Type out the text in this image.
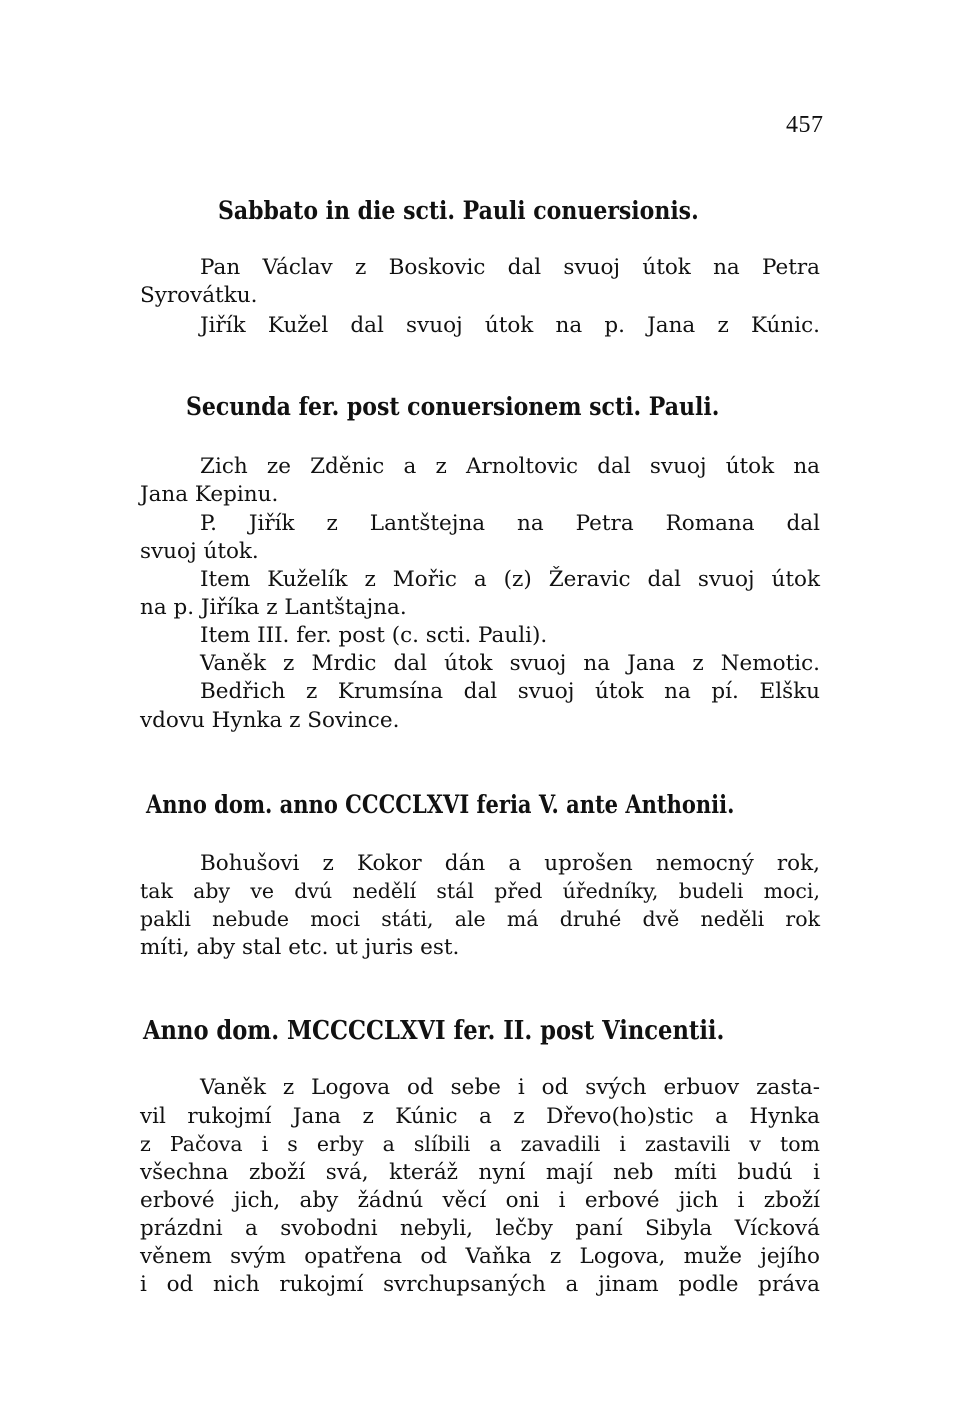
457
Sabbato in die scti. Pauli conuersionis.
Pan Václav z Boskovic dal svuoj útok na Petra
Syrovátku.
Jiřík Kužel dal svuoj útok na p. Jana z Kúnic.
Secunda fer. post conuersionem scti. Pauli.
Zich ze Zděnic a z Arnoltovic dal svuoj útok na
Jana Kepinu.
P. Jiřík z Lantštejna na Petra Romana dal
svuoj útok.
Item Kuželík z Mořic a (z) Žeravic dal svuoj útok
na p. Jiříka z Lantštajna.
Item III. fer. post (c. scti. Pauli).
Vaněk z Mrdic dal útok svuoj na Jana z Nemotic.
Bedřich z Krumsína dal svuoj útok na pí. Elšku
vdovu Hynka z Sovince.
Anno dom. anno CCCCLXVI feria V. ante Anthonii.
Bohušovi z Kokor dán a uprošen nemocný rok,
tak aby ve dvú nedělí stál před úředníky, budeli moci,
pakli nebude moci státi, ale má druhé dvě neděli rok
míti, aby stal etc. ut juris est.
Anno dom. MCCCCLXVI fer. II. post Vincentii.
Vaněk z Logova od sebe i od svých erbuov zasta-
vil rukojmí Jana z Kúnic a z Dřevo(ho)stic a Hynka
z Pačova i s erby a slíbili a zavadili i zastavili v tom
všechna zboží svá, kteráž nyní mají neb míti budú i
erbové jich, aby žádnú věcí oni i erbové jich i zboží
prázdni a svobodni nebyli, lečby paní Sibyla Vícková
věnem svým opatřena od Vaňka z Logova, muže jejího
i od nich rukojmí svrchupsaných a jinam podle práva
